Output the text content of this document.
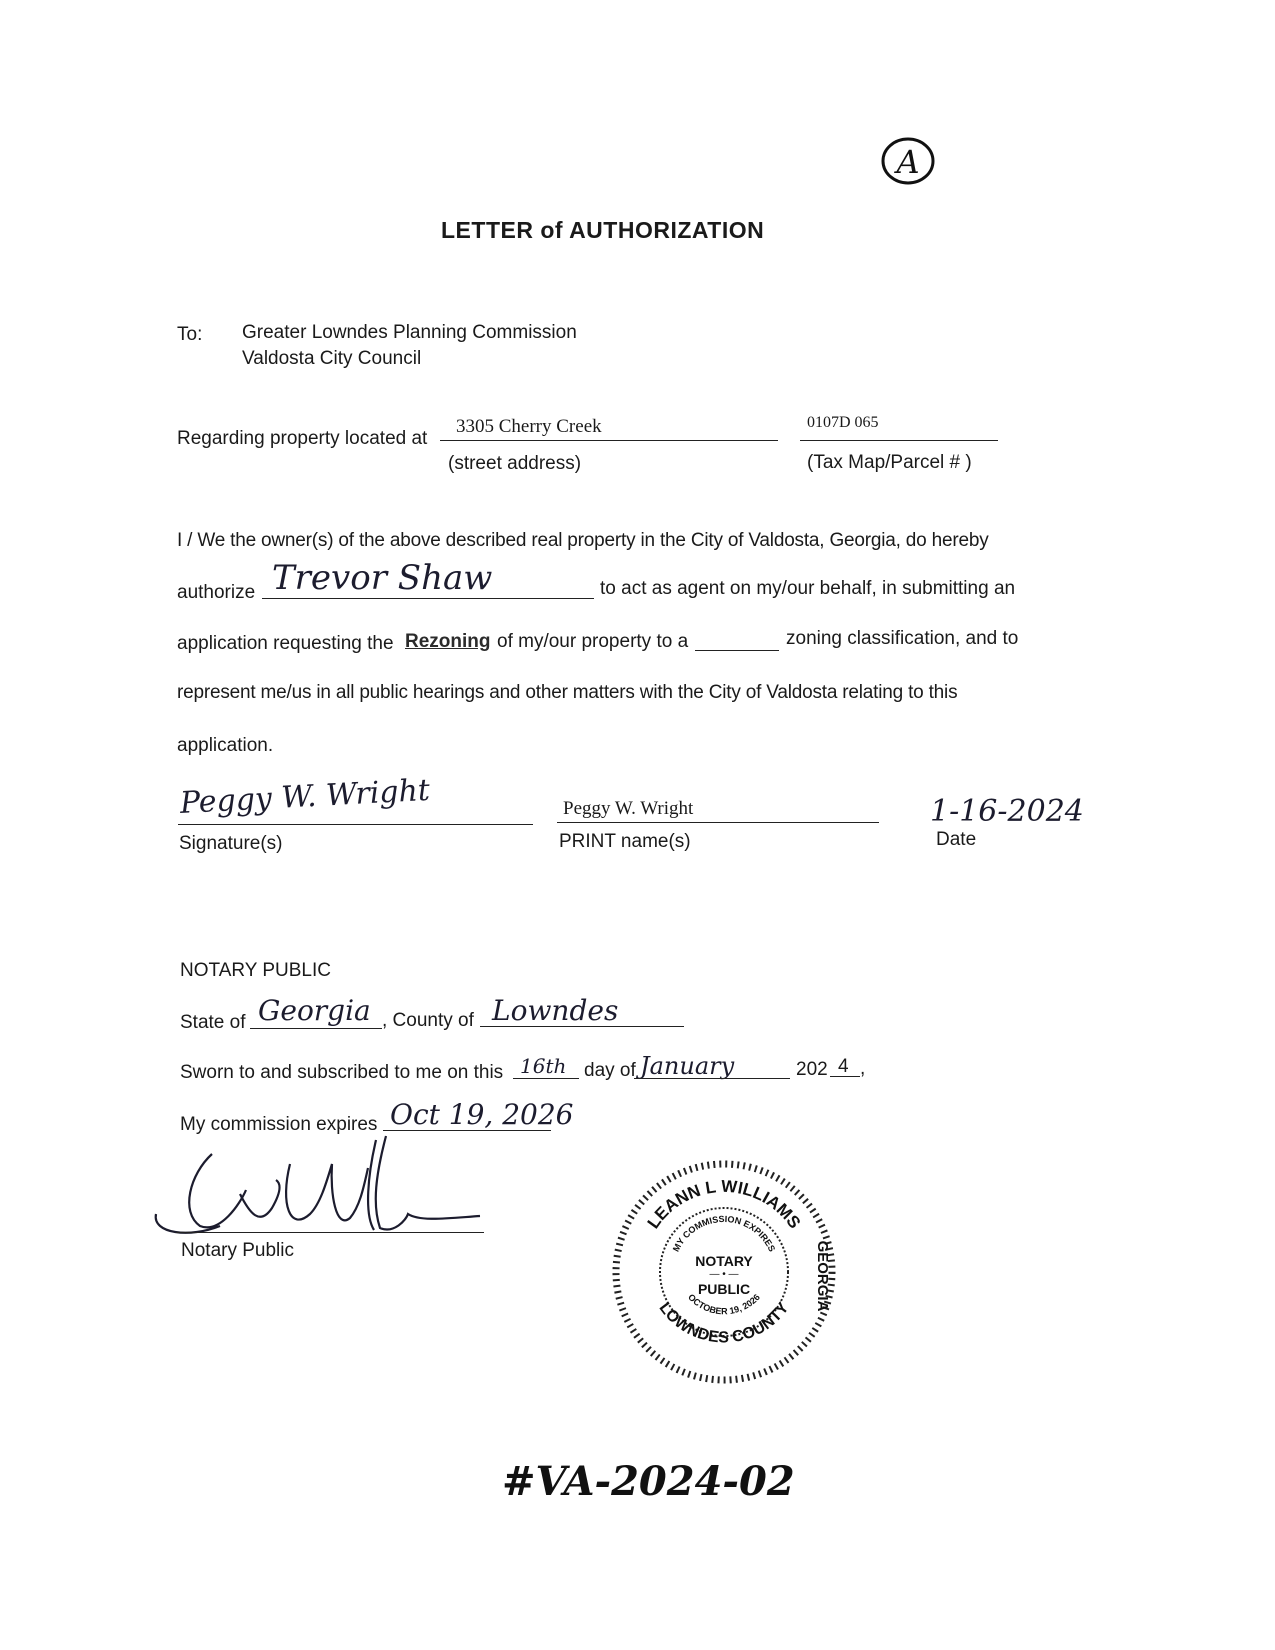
A
LETTER of AUTHORIZATION
To: Greater Lowndes Planning Commission
Valdosta City Council
Regarding property located at
3305 Cherry Creek
(street address)
0107D 065
(Tax Map/Parcel # )
I / We the owner(s) of the above described real property in the City of Valdosta, Georgia, do hereby
authorize Trevor Shaw	to act as agent on my/our behalf, in submitting an
application requesting the Rezoning of my/our property to a	zoning classification, and to
represent me/us in all public hearings and other matters with the City of Valdosta relating to this
application.
Peggy W. Wright
Signature(s)
Peggy W. Wright
PRINT name(s)
1-16-2024
Date
NOTARY PUBLIC
State of Georgia , County of Lowndes
Sworn to and subscribed to me on this 16th day of January	202 4 ,
My commission expires Oct 19, 2026
LC Williams
Notary Public
LEANN L WILLIAMS
LOWNDES COUNTY
MY COMMISSION EXPIRES
OCTOBER 19, 2026
NOTARY
— • —
PUBLIC	GEORGIA
#VA-2024-02
